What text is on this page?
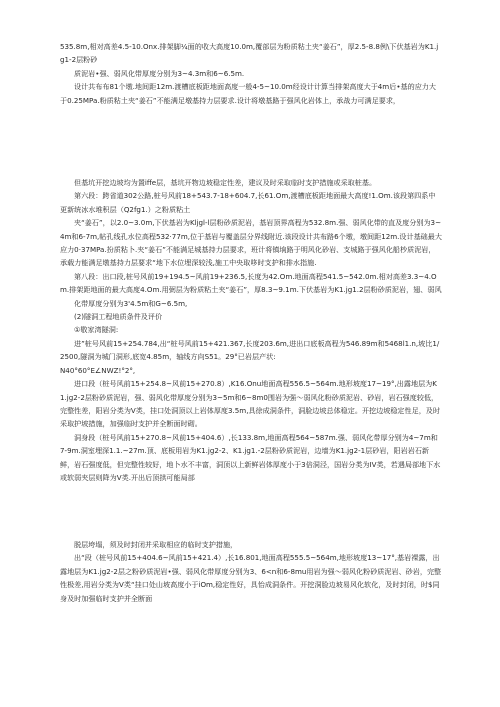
535.8m,相对高差4.5-10.Onx.排架脚¼面的收大高度10.0m,覆部层为粉质粘土夹“姜石”，厚2.5-8.8例\下伏基岩为K1.jg1-2层粉砂

质泥岩•强、弱风化带厚度分别为3~4.3m和6~6.5m.

设计共布布81个墩.地间距12m.渡槽底板距地面高度一般4-5~10.0m经设计计算当排架高度大于4m后•基的应力大于0.25MPa.粉质粘土夹“姜石”不能满足墩基持力层要求.设计将墩基路于强风化岩体上，承战力可满足要求，

但基坑开挖边坡均为置iffe层，基坑开物边坡稳定性差，建议及时采取临时支护措施或采取桩基。

第六段：跨省道302公路,桩号风前18+543.7-18+604.7,长61.Om,渡槽底板距地面最大高度!1.Om.该段第四系中更新统冰水堆积层（Q2fg1.）之粉质粘土

夹“姜石”，以2.0~3.0m,下伏基岩为Kljgl-l层粉砂质泥岩，基岩顶界高程为532.8m.强、弱风化带的直及度分别为3~4m和6-7m,帖孔线孔水位高程532·77m,位于基岩与覆盖层分界线附近.该段设计共布路6个墩，墩间距12m.设计基础最大应力0·37MPa.扮质粘卜.夹“姜石”不能满足城基持力层要求，班计将镇垧路于明风化砂岩、支城路于强风化船杪质泥岩，承载力能满足墩基持力层要求“地下水位埋深较浅,施工中央取哆时支护和排水指施.

第八段：出口段,桩号风前19+194.5~风前19+236.5,长度为42.Om.地面高程541.5~542.0m.相对高差3.3~4.Om.排架距地面的最大高度4.Om.用弼层为粉质粘土夹“姜石”，厚8.3~9.1m.下伏基岩为K1.jg1.2层粉砂质泥岩，翅、弱风

化带厚度分别为3'4.5m和G~6.5m,

(2)隧洞工程地质条件及评价

①敬家湾隧洞:

进”桩号风前15+254.784,出“桩号风前15+421.367,长度203.6m,进出口底板高程为546.89m和5468l1.n,坡比1/2500,隧洞为城门洞形,底宽4.85m，轴线方向S51。29°已岩层产状:

N40°60°E∠NWZ!°2°,

进口段（桩号风前15+254.8~风前15+270.8）,K16.Onu地面高程556.5~564m.地形坡度17~19°,出露地层为K1.jg2-2层粉砂质泥岩，强、弱风化带厚度分别为3~5m和6~8m0围岩为强～弱风化粉砂质泥岩、砂岩，岩石强度较低，完整性差，阳岩分类为V类，挂口处洞顶以上岩体厚度3.5m,具徐成洞条件，洞脸边坡总体稳定。开挖边坡稳定性足，及时采取护坡措施，加强临时支护并全断面时砌。

洞身段（桩号风前15+270.8~风前15+404.6）,长133.8m,地面高程564~587m.强、弱风化带厚分别为4~7m和7-9m.洞室埋深1.1.~27m.顶、底板用岩为K1.jg2-2、K1.jg1.-2层粉砂质泥岩，边墙为K1.jg2-1层砂岩，阳岩岩石新鲜，岩石强度低，但完整性较好，地卜水不丰富，洞顶以上新鲜岩体厚度小于3倍洞泾，国岩分类为IV类，若遇局部地下水或软弱夹层则降为V类.开出后顶拱可能局部

脱层垮塌，须及时封闭并采取相应的临时支护措施，

出“段（桩号风前15+404.6~风前15+421.4）,长16.801,地面高程555.5~564m,地形坡度13~17°,基岩裸露，出露地层为K1.jg2-2层之粉砂质泥岩•强、弱风化带厚度分别为3、6<n和6-8mu用岩为强～弱风化粉砂质泥岩、砂岩，完整性极差,用岩分类为V类“挂口处山坡高度小于iOm,稳定性好，具怡成洞条件。开挖洞脸边坡易风化软化，及时封闭，时$同身及时加强临时支护并全断面
